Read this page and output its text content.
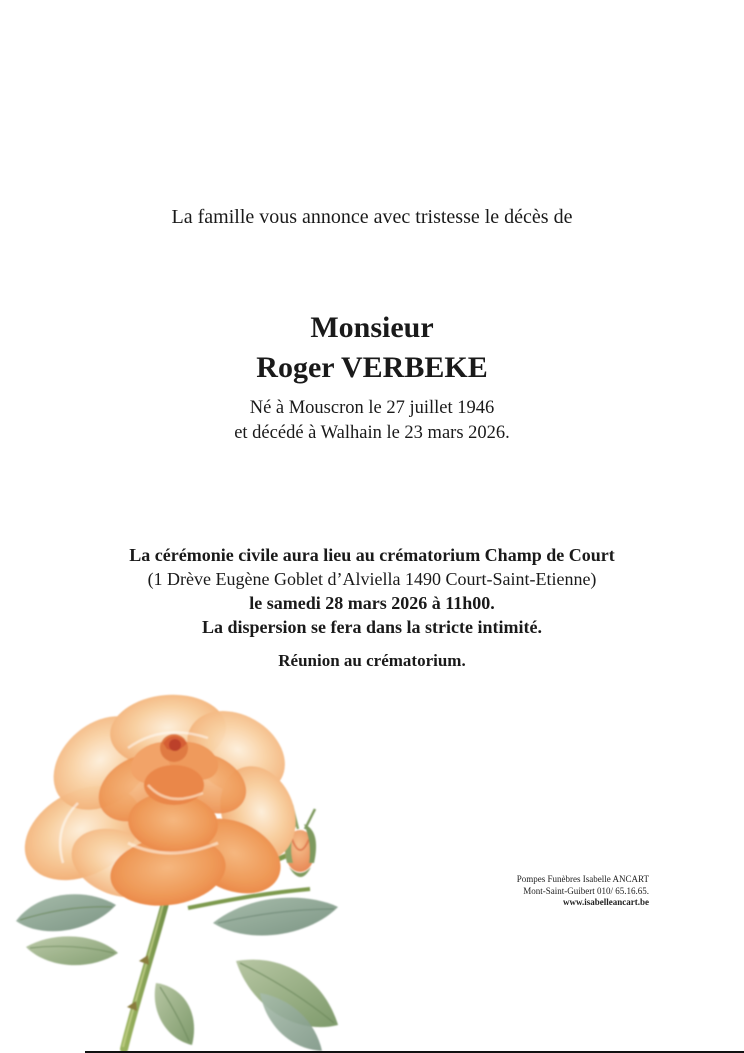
La famille vous annonce avec tristesse le décès de

Monsieur

Roger VERBEKE

Né à Mouscron le 27 juillet 1946
et décédé à Walhain le 23 mars 2026.
La cérémonie civile aura lieu au crématorium Champ de Court
(1 Drève Eugène Goblet d’Alviella 1490 Court-Saint-Etienne)
le samedi 28 mars 2026 à 11h00.
La dispersion se fera dans la stricte intimité.
Réunion au crématorium.
Pompes Funèbres Isabelle ANCART
Mont-Saint-Guibert 010/ 65.16.65.
www.isabelleancart.be
